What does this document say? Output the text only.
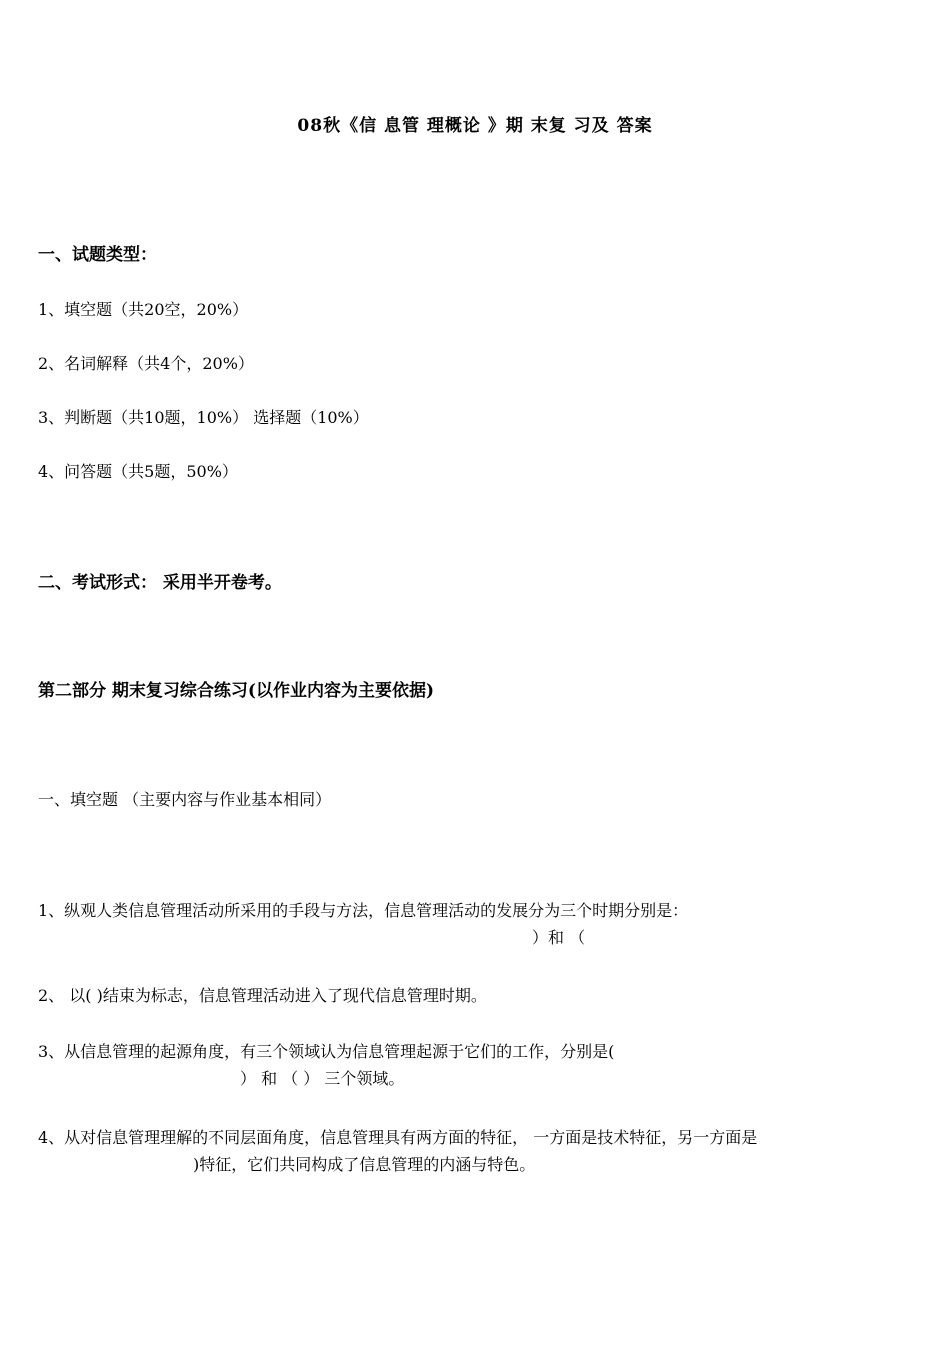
08秋《信 息管 理概论 》期 末复 习及 答案
一、试题类型：
1、填空题（共20空，20%）
2、名词解释（共4个，20%）
3、判断题（共10题，10%） 选择题（10%）
4、问答题（共5题，50%）
二、考试形式： 采用半开卷考。
第二部分 期末复习综合练习(以作业内容为主要依据)
一、填空题 （主要内容与作业基本相同）
1、纵观人类信息管理活动所采用的手段与方法，信息管理活动的发展分为三个时期分别是：
）和 （
2、 以( )结束为标志，信息管理活动进入了现代信息管理时期。
3、从信息管理的起源角度，有三个领域认为信息管理起源于它们的工作，分别是(
） 和 （ ） 三个领域。
4、从对信息管理理解的不同层面角度，信息管理具有两方面的特征， 一方面是技术特征，另一方面是
)特征，它们共同构成了信息管理的内涵与特色。
